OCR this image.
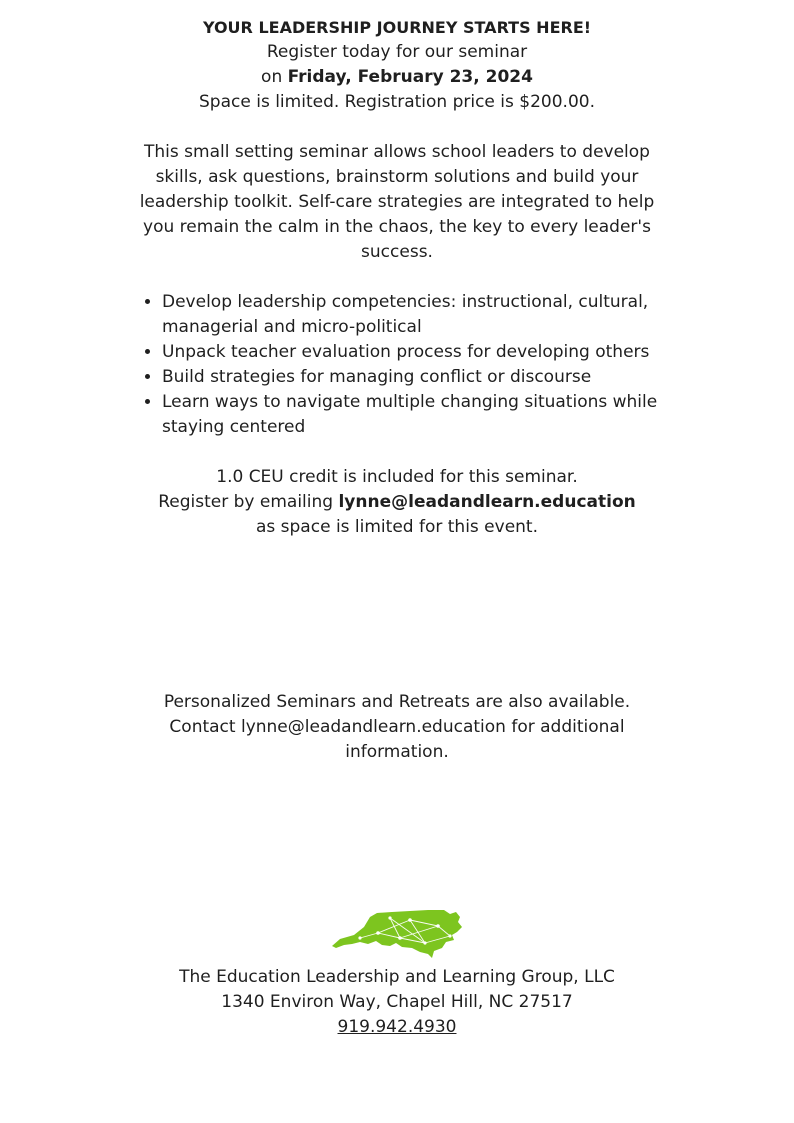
YOUR LEADERSHIP JOURNEY STARTS HERE!
Register today for our seminar
on Friday, February 23, 2024
Space is limited. Registration price is $200.00.
This small setting seminar allows school leaders to develop skills, ask questions, brainstorm solutions and build your leadership toolkit. Self-care strategies are integrated to help you remain the calm in the chaos, the key to every leader's success.
• Develop leadership competencies: instructional, cultural, managerial and micro-political
• Unpack teacher evaluation process for developing others
• Build strategies for managing conflict or discourse
• Learn ways to navigate multiple changing situations while staying centered
1.0 CEU credit is included for this seminar.
Register by emailing lynne@leadandlearn.education
as space is limited for this event.
Personalized Seminars and Retreats are also available. Contact lynne@leadandlearn.education for additional information.
The Education Leadership and Learning Group, LLC
1340 Environ Way, Chapel Hill, NC 27517
919.942.4930
